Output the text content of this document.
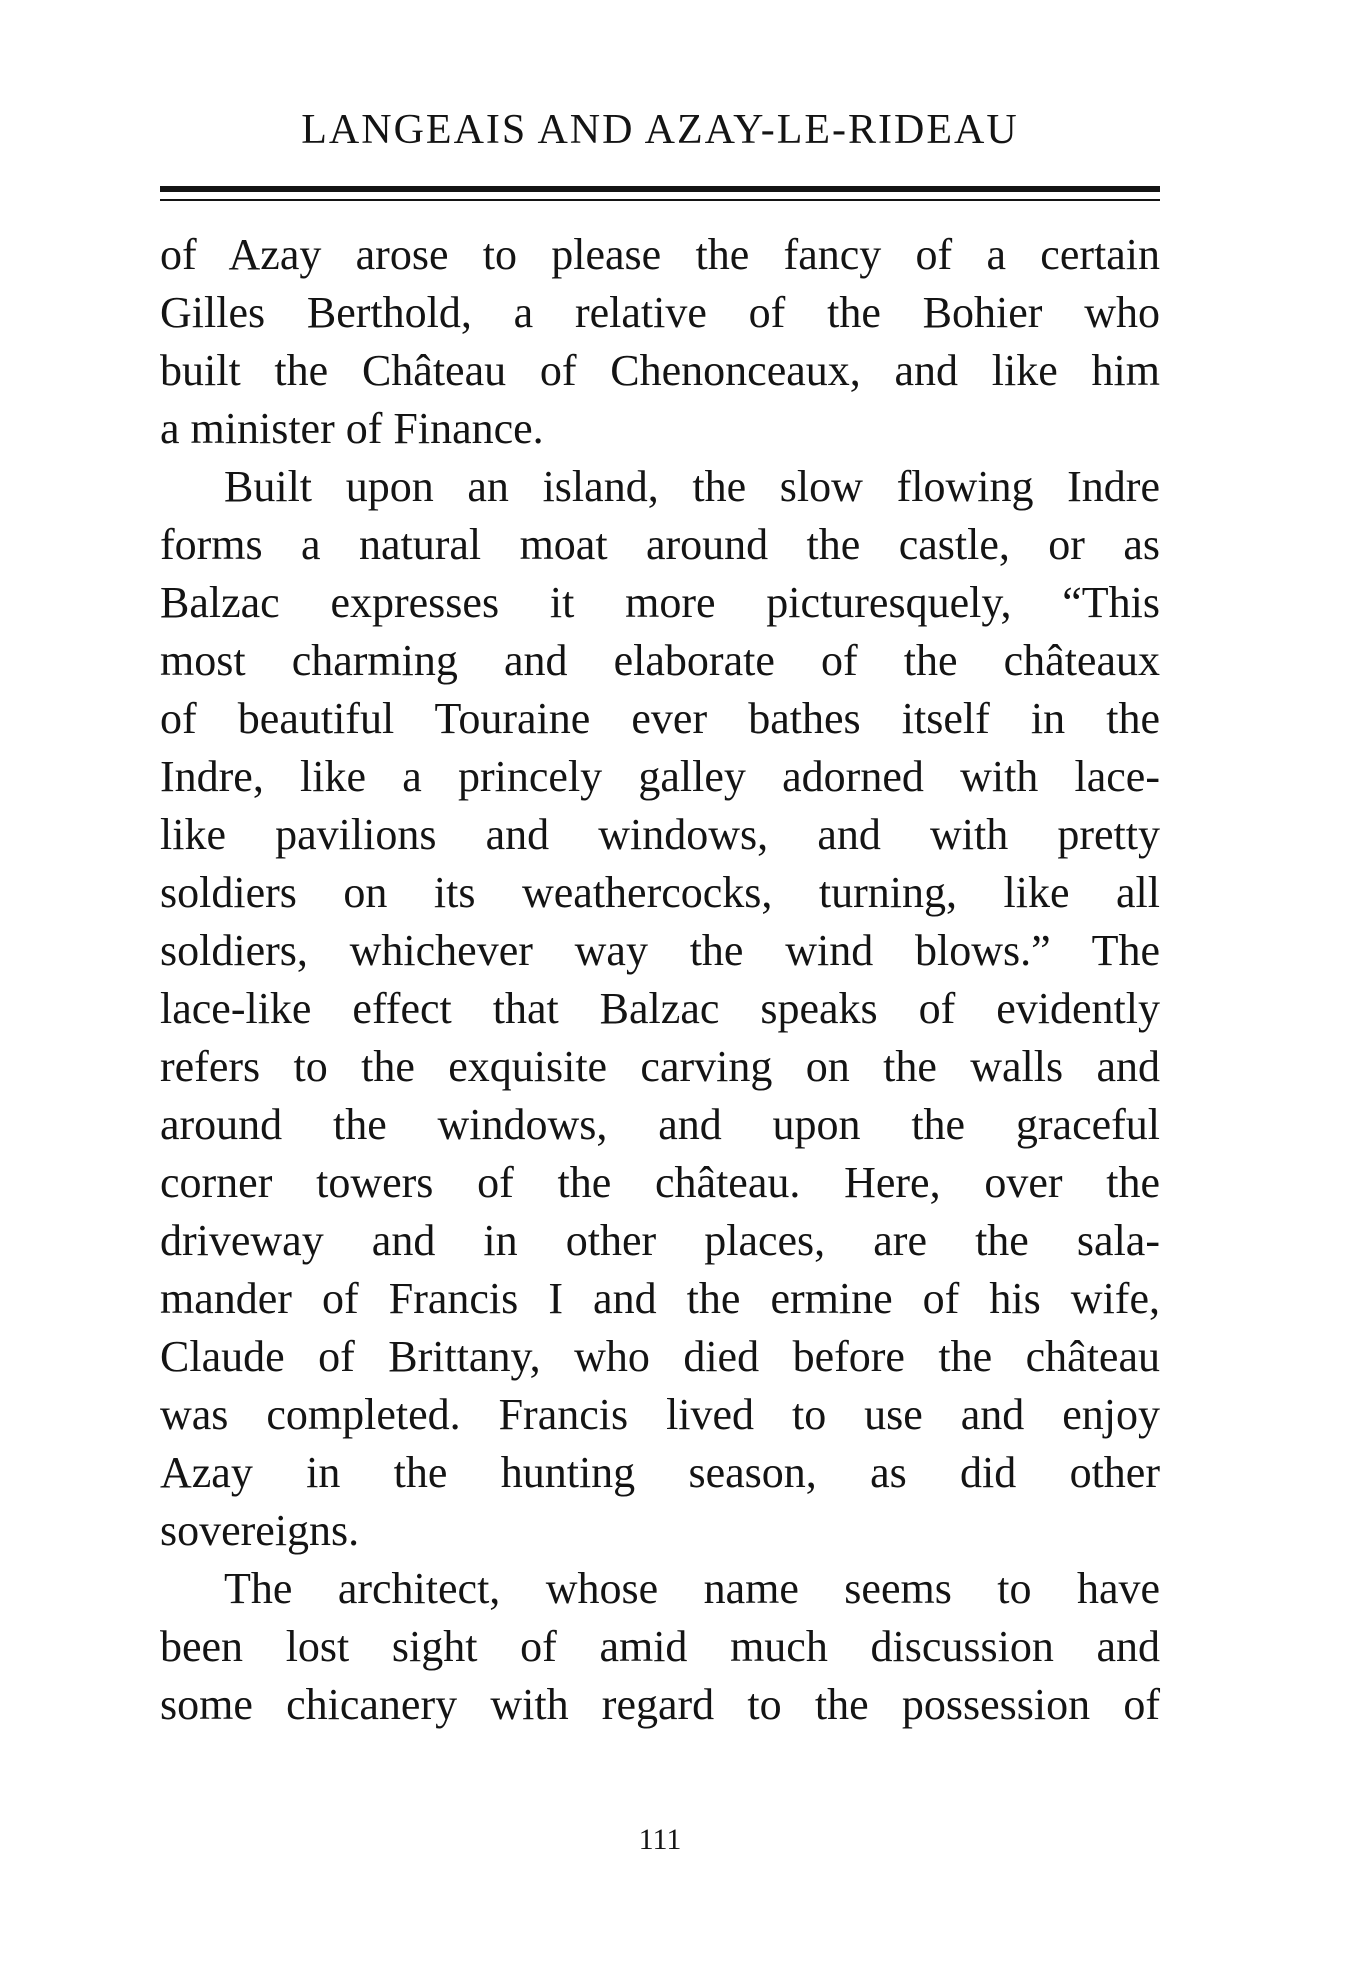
LANGEAIS AND AZAY-LE-RIDEAU
of Azay arose to please the fancy of a certain
Gilles Berthold, a relative of the Bohier who
built the Château of Chenonceaux, and like him
a minister of Finance.
Built upon an island, the slow flowing Indre
forms a natural moat around the castle, or as
Balzac expresses it more picturesquely, “This
most charming and elaborate of the châteaux
of beautiful Touraine ever bathes itself in the
Indre, like a princely galley adorned with lace-
like pavilions and windows, and with pretty
soldiers on its weathercocks, turning, like all
soldiers, whichever way the wind blows.” The
lace-like effect that Balzac speaks of evidently
refers to the exquisite carving on the walls and
around the windows, and upon the graceful
corner towers of the château. Here, over the
driveway and in other places, are the sala-
mander of Francis I and the ermine of his wife,
Claude of Brittany, who died before the château
was completed. Francis lived to use and enjoy
Azay in the hunting season, as did other
sovereigns.
The architect, whose name seems to have
been lost sight of amid much discussion and
some chicanery with regard to the possession of
111
